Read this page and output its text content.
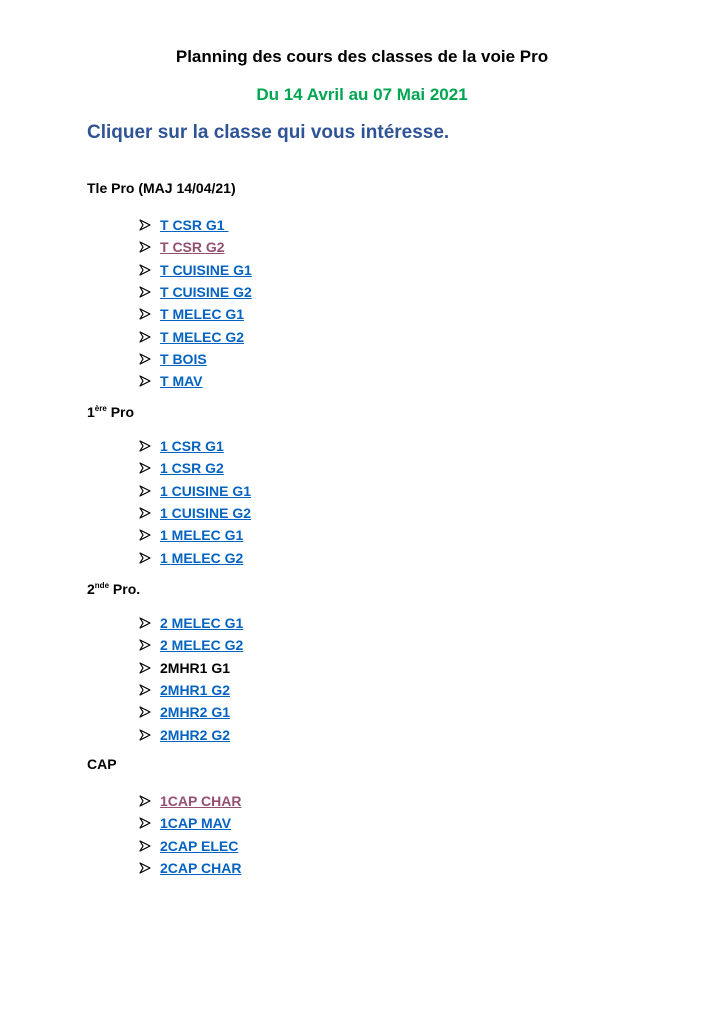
Planning des cours des classes de la voie Pro
Du 14 Avril au 07 Mai 2021
Cliquer sur la classe qui vous intéresse.
Tle Pro (MAJ 14/04/21)
T CSR G1
T CSR G2
T CUISINE G1
T CUISINE G2
T MELEC G1
T MELEC G2
T BOIS
T MAV
1ère Pro
1 CSR G1
1 CSR G2
1 CUISINE G1
1 CUISINE G2
1 MELEC G1
1 MELEC G2
2nde Pro.
2 MELEC G1
2 MELEC G2
2MHR1 G1
2MHR1 G2
2MHR2 G1
2MHR2 G2
CAP
1CAP CHAR
1CAP MAV
2CAP ELEC
2CAP CHAR
